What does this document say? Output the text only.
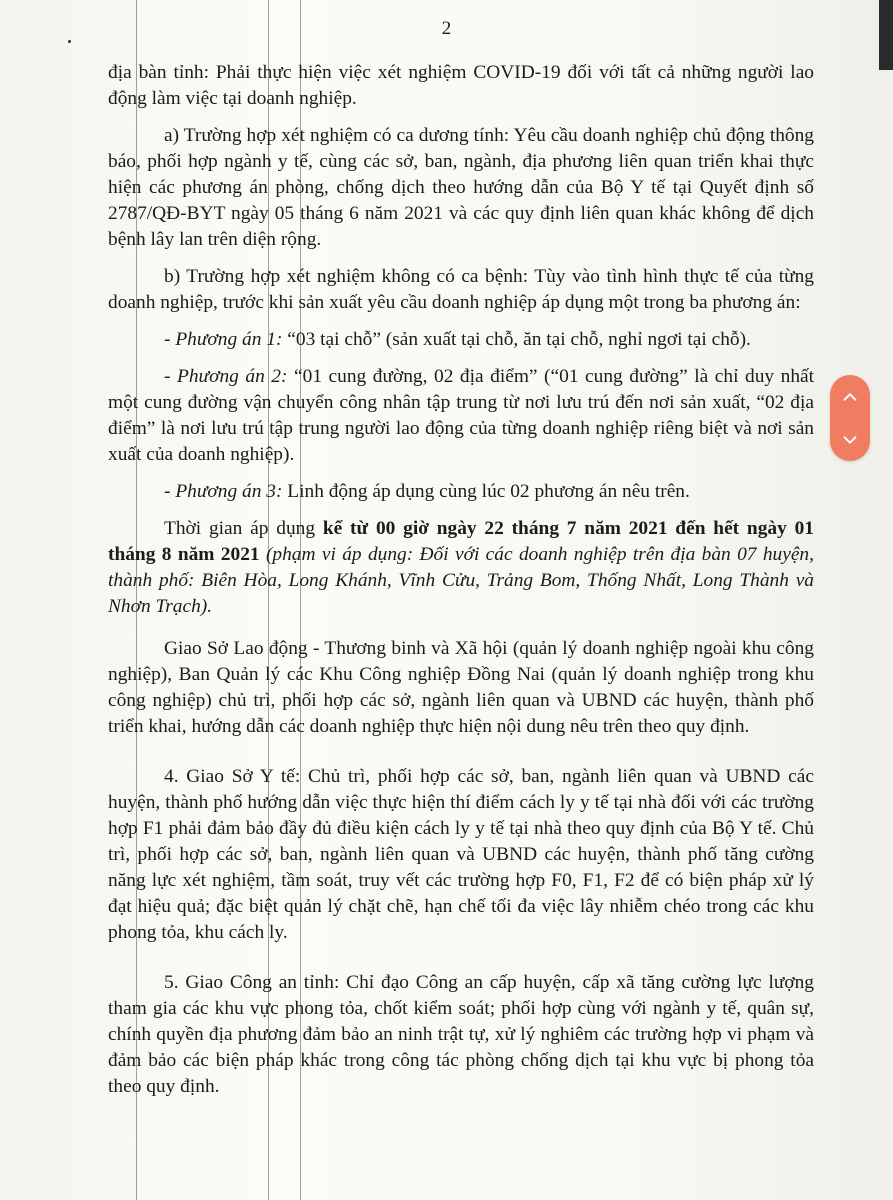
2

địa bàn tỉnh: Phải thực hiện việc xét nghiệm COVID-19 đối với tất cả những người lao động làm việc tại doanh nghiệp.

a) Trường hợp xét nghiệm có ca dương tính: Yêu cầu doanh nghiệp chủ động thông báo, phối hợp ngành y tế, cùng các sở, ban, ngành, địa phương liên quan triển khai thực hiện các phương án phòng, chống dịch theo hướng dẫn của Bộ Y tế tại Quyết định số 2787/QĐ-BYT ngày 05 tháng 6 năm 2021 và các quy định liên quan khác không để dịch bệnh lây lan trên diện rộng.

b) Trường hợp xét nghiệm không có ca bệnh: Tùy vào tình hình thực tế của từng doanh nghiệp, trước khi sản xuất yêu cầu doanh nghiệp áp dụng một trong ba phương án:

- Phương án 1: “03 tại chỗ” (sản xuất tại chỗ, ăn tại chỗ, nghỉ ngơi tại chỗ).

- Phương án 2: “01 cung đường, 02 địa điểm” (“01 cung đường” là chỉ duy nhất một cung đường vận chuyển công nhân tập trung từ nơi lưu trú đến nơi sản xuất, “02 địa điểm” là nơi lưu trú tập trung người lao động của từng doanh nghiệp riêng biệt và nơi sản xuất của doanh nghiệp).

- Phương án 3: Linh động áp dụng cùng lúc 02 phương án nêu trên.

Thời gian áp dụng kể từ 00 giờ ngày 22 tháng 7 năm 2021 đến hết ngày 01 tháng 8 năm 2021 (phạm vi áp dụng: Đối với các doanh nghiệp trên địa bàn 07 huyện, thành phố: Biên Hòa, Long Khánh, Vĩnh Cửu, Trảng Bom, Thống Nhất, Long Thành và Nhơn Trạch).

Giao Sở Lao động - Thương binh và Xã hội (quản lý doanh nghiệp ngoài khu công nghiệp), Ban Quản lý các Khu Công nghiệp Đồng Nai (quản lý doanh nghiệp trong khu công nghiệp) chủ trì, phối hợp các sở, ngành liên quan và UBND các huyện, thành phố triển khai, hướng dẫn các doanh nghiệp thực hiện nội dung nêu trên theo quy định.

4. Giao Sở Y tế: Chủ trì, phối hợp các sở, ban, ngành liên quan và UBND các huyện, thành phố hướng dẫn việc thực hiện thí điểm cách ly y tế tại nhà đối với các trường hợp F1 phải đảm bảo đầy đủ điều kiện cách ly y tế tại nhà theo quy định của Bộ Y tế. Chủ trì, phối hợp các sở, ban, ngành liên quan và UBND các huyện, thành phố tăng cường năng lực xét nghiệm, tầm soát, truy vết các trường hợp F0, F1, F2 để có biện pháp xử lý đạt hiệu quả; đặc biệt quản lý chặt chẽ, hạn chế tối đa việc lây nhiễm chéo trong các khu phong tỏa, khu cách ly.

5. Giao Công an tỉnh: Chỉ đạo Công an cấp huyện, cấp xã tăng cường lực lượng tham gia các khu vực phong tỏa, chốt kiểm soát; phối hợp cùng với ngành y tế, quân sự, chính quyền địa phương đảm bảo an ninh trật tự, xử lý nghiêm các trường hợp vi phạm và đảm bảo các biện pháp khác trong công tác phòng chống dịch tại khu vực bị phong tỏa theo quy định.
